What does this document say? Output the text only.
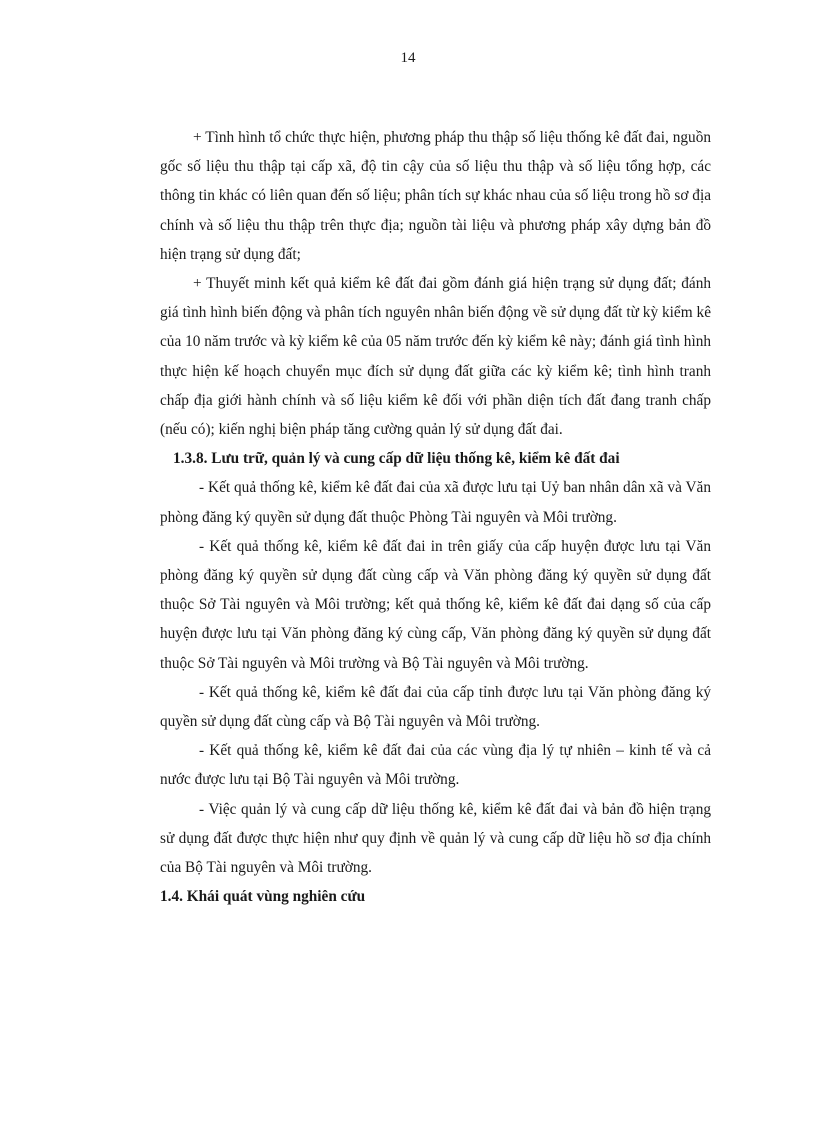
14

+ Tình hình tổ chức thực hiện, phương pháp thu thập số liệu thống kê đất đai, nguồn gốc số liệu thu thập tại cấp xã, độ tin cậy của số liệu thu thập và số liệu tổng hợp, các thông tin khác có liên quan đến số liệu; phân tích sự khác nhau của số liệu trong hồ sơ địa chính và số liệu thu thập trên thực địa; nguồn tài liệu và phương pháp xây dựng bản đồ hiện trạng sử dụng đất;

+ Thuyết minh kết quả kiểm kê đất đai gồm đánh giá hiện trạng sử dụng đất; đánh giá tình hình biến động và phân tích nguyên nhân biến động về sử dụng đất từ kỳ kiểm kê của 10 năm trước và kỳ kiểm kê của 05 năm trước đến kỳ kiểm kê này; đánh giá tình hình thực hiện kế hoạch chuyển mục đích sử dụng đất giữa các kỳ kiểm kê; tình hình tranh chấp địa giới hành chính và số liệu kiểm kê đối với phần diện tích đất đang tranh chấp (nếu có); kiến nghị biện pháp tăng cường quản lý sử dụng đất đai.

1.3.8. Lưu trữ, quản lý và cung cấp dữ liệu thống kê, kiểm kê đất đai

- Kết quả thống kê, kiểm kê đất đai của xã được lưu tại Uỷ ban nhân dân xã và Văn phòng đăng ký quyền sử dụng đất thuộc Phòng Tài nguyên và Môi trường.

- Kết quả thống kê, kiểm kê đất đai in trên giấy của cấp huyện được lưu tại Văn phòng đăng ký quyền sử dụng đất cùng cấp và Văn phòng đăng ký quyền sử dụng đất thuộc Sở Tài nguyên và Môi trường; kết quả thống kê, kiểm kê đất đai dạng số của cấp huyện được lưu tại Văn phòng đăng ký cùng cấp, Văn phòng đăng ký quyền sử dụng đất thuộc Sở Tài nguyên và Môi trường và Bộ Tài nguyên và Môi trường.

- Kết quả thống kê, kiểm kê đất đai của cấp tỉnh được lưu tại Văn phòng đăng ký quyền sử dụng đất cùng cấp và Bộ Tài nguyên và Môi trường.

- Kết quả thống kê, kiểm kê đất đai của các vùng địa lý tự nhiên – kinh tế và cả nước được lưu tại Bộ Tài nguyên và Môi trường.

- Việc quản lý và cung cấp dữ liệu thống kê, kiểm kê đất đai và bản đồ hiện trạng sử dụng đất được thực hiện như quy định về quản lý và cung cấp dữ liệu hồ sơ địa chính của Bộ Tài nguyên và Môi trường.

1.4. Khái quát vùng nghiên cứu
